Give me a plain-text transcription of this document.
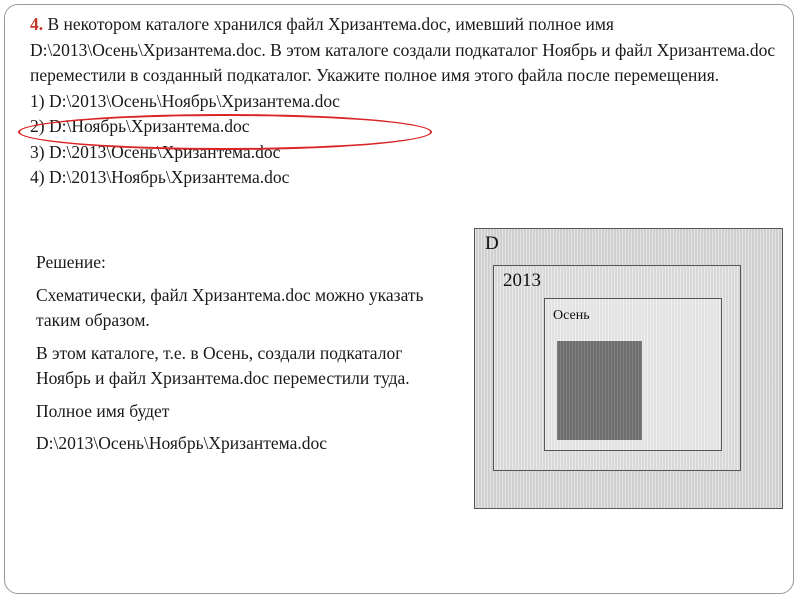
4. В некотором каталоге хранился файл Хризантема.doc, имевший полное имя D:\2013\Осень\Хризантема.doc. В этом каталоге создали подкаталог Ноябрь и файл Хризантема.doc переместили в созданный подкаталог. Укажите полное имя этого файла после перемещения.
1) D:\2013\Осень\Ноябрь\Хризантема.doc
2) D:\Ноябрь\Хризантема.doc
3) D:\2013\Осень\Хризантема.doc
4) D:\2013\Ноябрь\Хризантема.doc

Решение:

Схематически, файл Хризантема.doc можно указать таким образом.

В этом каталоге, т.е. в Осень, создали подкаталог Ноябрь и файл Хризантема.doc переместили туда.

Полное имя будет

D:\2013\Осень\Ноябрь\Хризантема.doc

D
2013
Осень
